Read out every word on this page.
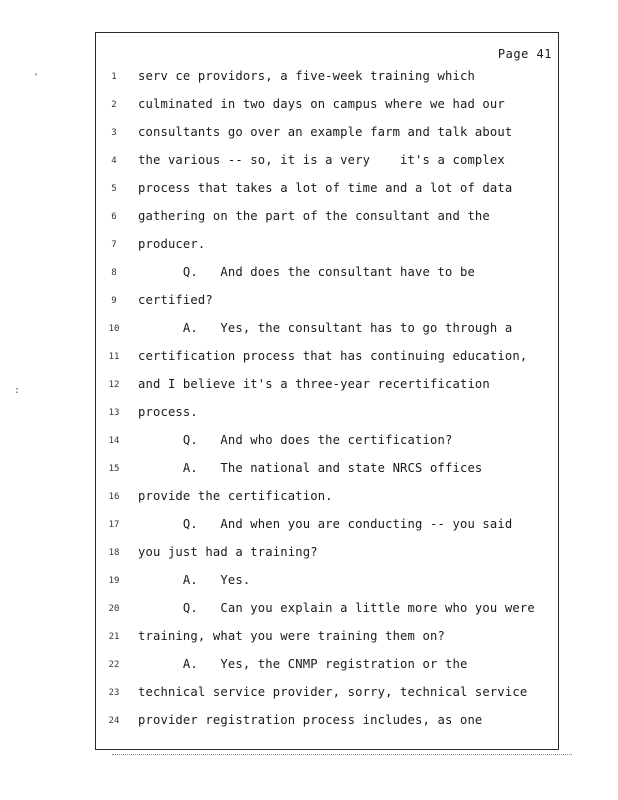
'
:
Page 41
1	serv ce providors, a five-week training which
2	culminated in two days on campus where we had our
3	consultants go over an example farm and talk about
4	the various -- so, it is a very    it's a complex
5	process that takes a lot of time and a lot of data
6	gathering on the part of the consultant and the
7	producer.
8	Q.   And does the consultant have to be
9	certified?
10 A.   Yes, the consultant has to go through a
11 certification process that has continuing education,
12 and I believe it's a three-year recertification
13 process.
14 Q.   And who does the certification?
15 A.   The national and state NRCS offices
16 provide the certification.
17 Q.   And when you are conducting -- you said
18 you just had a training?
19 A.   Yes.
20 Q.   Can you explain a little more who you were
21 training, what you were training them on?
22 A.   Yes, the CNMP registration or the
23 technical service provider, sorry, technical service
24 provider registration process includes, as one
